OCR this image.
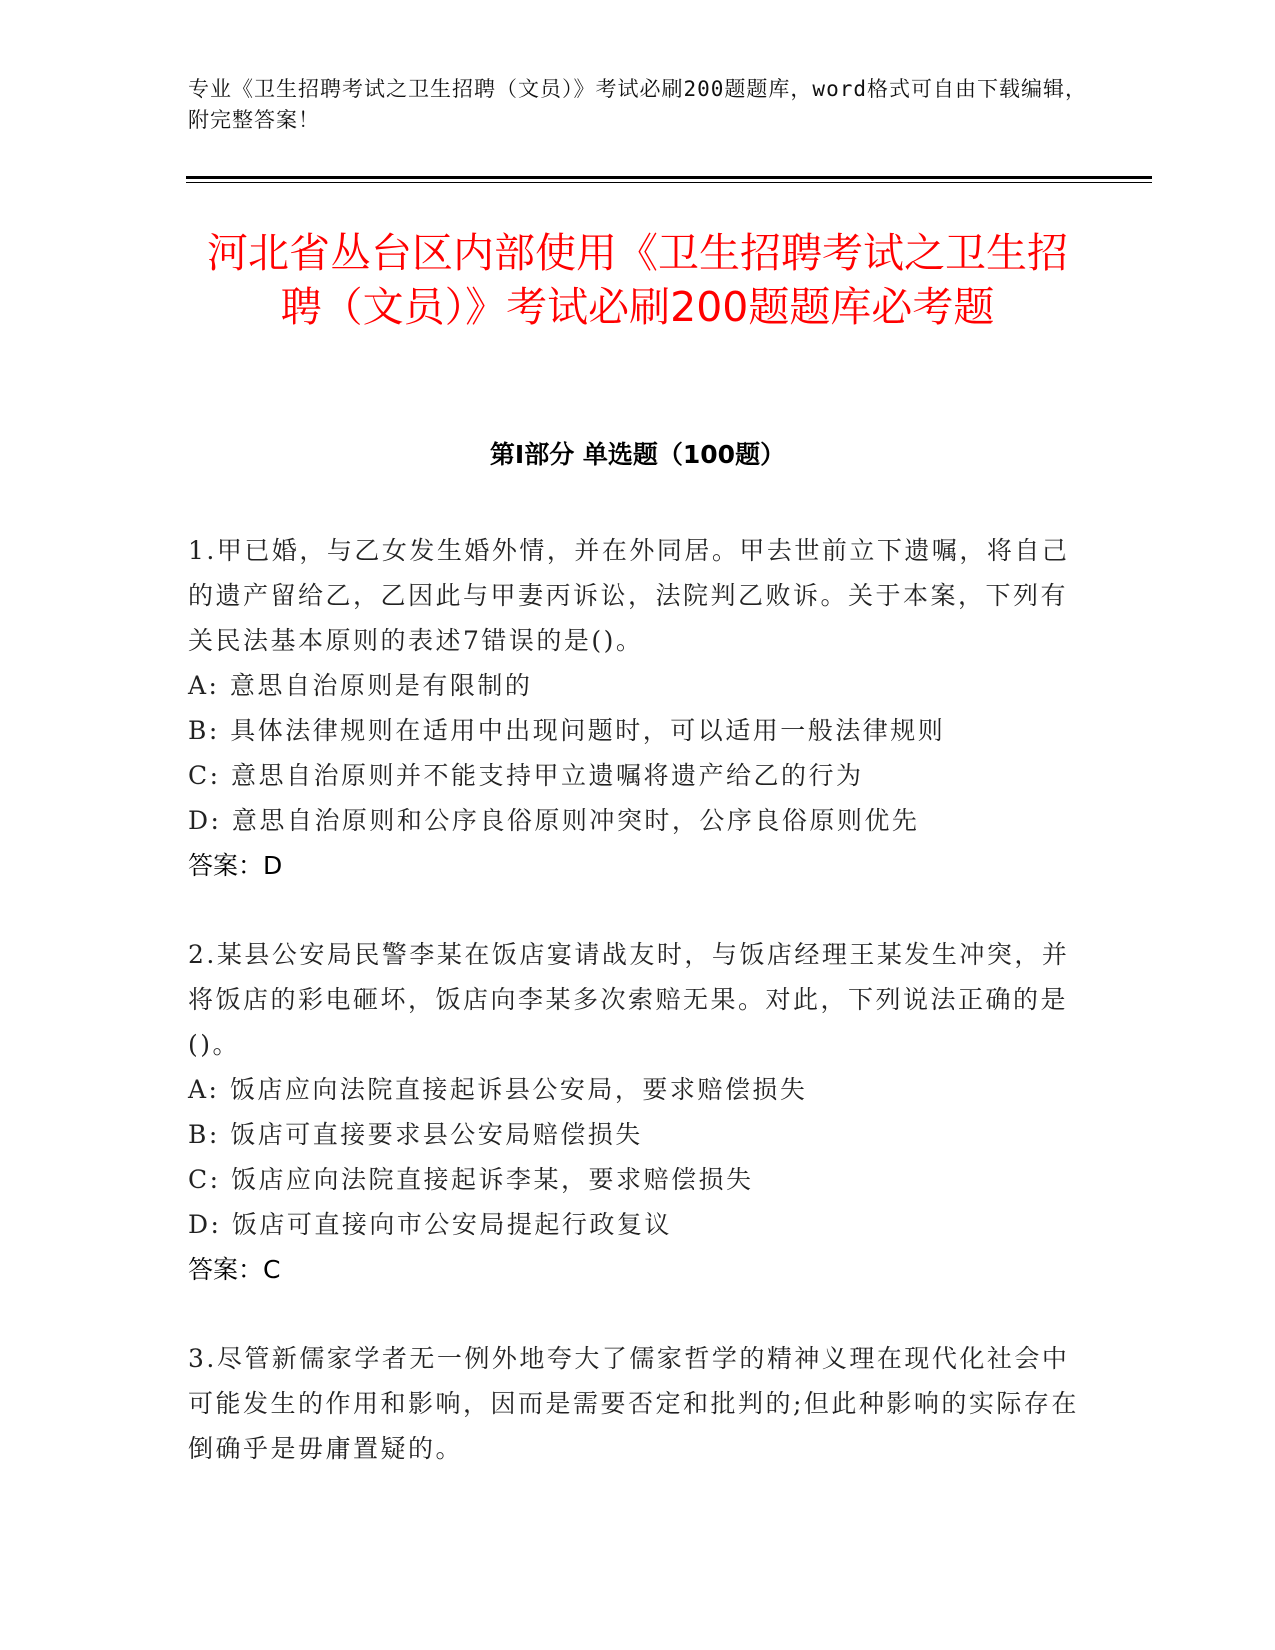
专业《卫生招聘考试之卫生招聘（文员）》考试必刷200题题库，word格式可自由下载编辑，附完整答案！
河北省丛台区内部使用《卫生招聘考试之卫生招聘（文员）》考试必刷200题题库必考题
第Ⅰ部分 单选题（100题）

1.甲已婚，与乙女发生婚外情，并在外同居。甲去世前立下遗嘱，将自己的遗产留给乙，乙因此与甲妻丙诉讼，法院判乙败诉。关于本案，下列有关民法基本原则的表述7错误的是()。

A: 意思自治原则是有限制的

B: 具体法律规则在适用中出现问题时，可以适用一般法律规则

C: 意思自治原则并不能支持甲立遗嘱将遗产给乙的行为

D: 意思自治原则和公序良俗原则冲突时，公序良俗原则优先

答案：D

2.某县公安局民警李某在饭店宴请战友时，与饭店经理王某发生冲突，并将饭店的彩电砸坏，饭店向李某多次索赔无果。对此，下列说法正确的是()。

A: 饭店应向法院直接起诉县公安局，要求赔偿损失

B: 饭店可直接要求县公安局赔偿损失

C: 饭店应向法院直接起诉李某，要求赔偿损失

D: 饭店可直接向市公安局提起行政复议

答案：C

3.尽管新儒家学者无一例外地夸大了儒家哲学的精神义理在现代化社会中可能发生的作用和影响，因而是需要否定和批判的;但此种影响的实际存在倒确乎是毋庸置疑的。
